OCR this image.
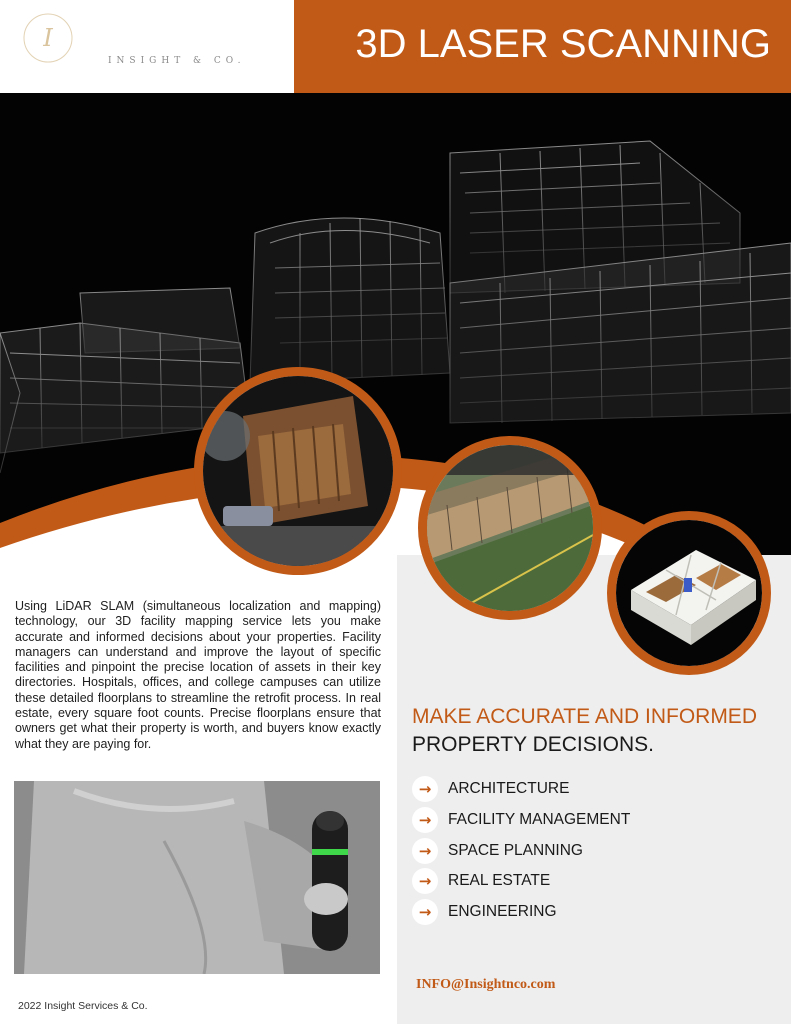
I
INSIGHT & CO.	3D LASER SCANNING
Using LiDAR SLAM (simultaneous localization and mapping) technology, our 3D facility mapping service lets you make accurate and informed decisions about your properties. Facility managers can understand and improve the layout of specific facilities and pinpoint the precise location of assets in their key directories. Hospitals, offices, and college campuses can utilize these detailed floorplans to streamline the retrofit process. In real estate, every square foot counts. Precise floorplans ensure that owners get what their property is worth, and buyers know exactly what they are paying for.
MAKE ACCURATE AND INFORMED
PROPERTY DECISIONS.
→	ARCHITECTURE
→	FACILITY MANAGEMENT
→	SPACE PLANNING
→	REAL ESTATE
→	ENGINEERING
INFO@Insightnco.com
2022 Insight Services & Co.
